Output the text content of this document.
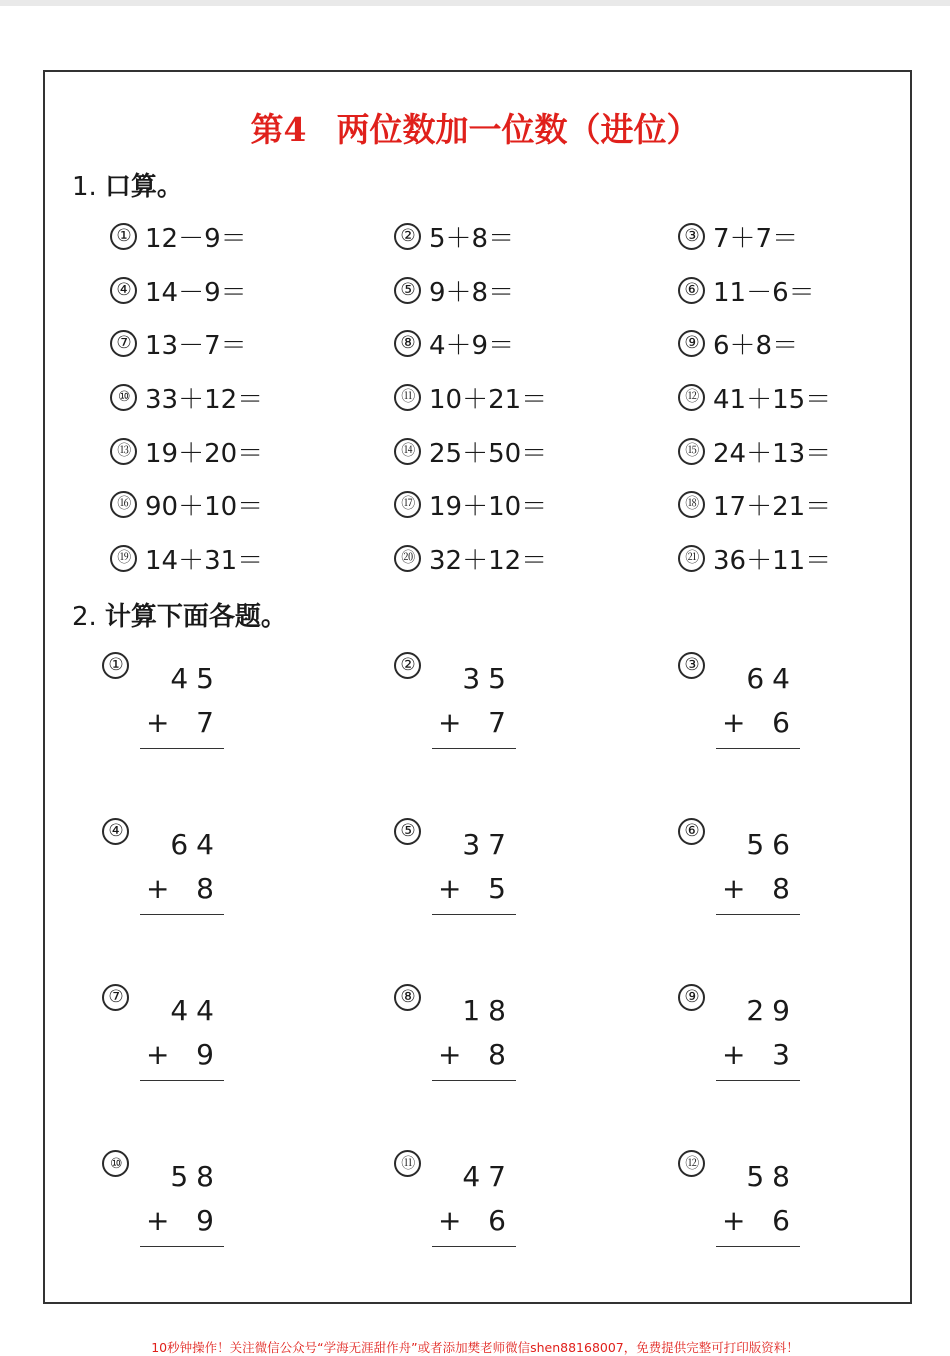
第4 两位数加一位数（进位）
1. 口算。
① 12－9＝	② 5＋8＝	③ 7＋7＝
④ 14－9＝	⑤ 9＋8＝	⑥ 11－6＝
⑦ 13－7＝	⑧ 4＋9＝	⑨ 6＋8＝
⑩ 33＋12＝	⑪ 10＋21＝	⑫ 41＋15＝
⑬ 19＋20＝	⑭ 25＋50＝	⑮ 24＋13＝
⑯ 90＋10＝	⑰ 19＋10＝	⑱ 17＋21＝
⑲ 14＋31＝	⑳ 32＋12＝	㉑ 36＋11＝
2. 计算下面各题。
①	45
+ 7
②	35
+ 7
③	64
+ 6
④	64
+ 8
⑤	37
+ 5
⑥	56
+ 8
⑦	44
+ 9
⑧	18
+ 8
⑨	29
+ 3
⑩	58
+ 9
⑪	47
+ 6
⑫	58
+ 6
10秒钟操作！关注微信公众号“学海无涯甜作舟”或者添加樊老师微信shen88168007，免费提供完整可打印版资料！
